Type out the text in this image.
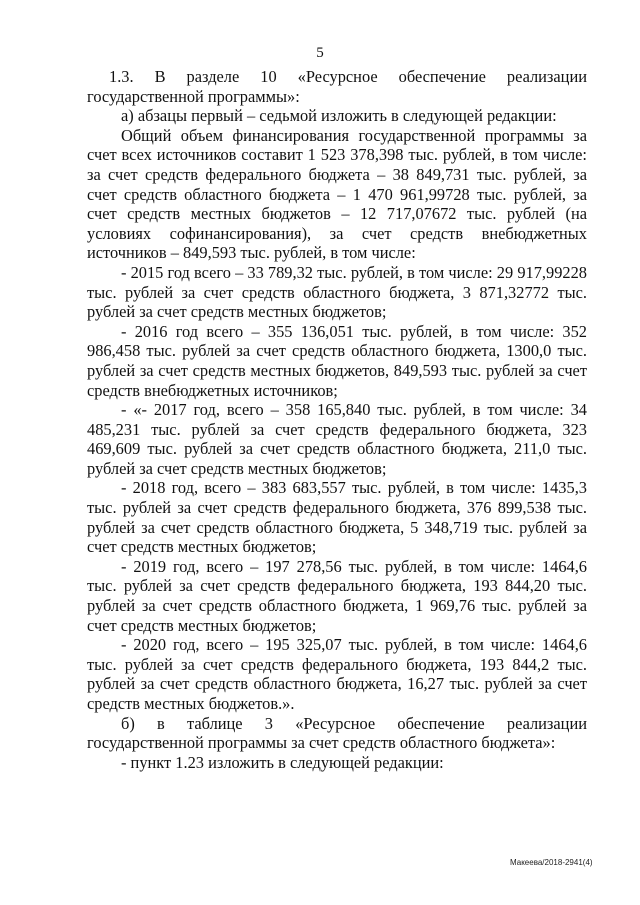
5

1.3. В разделе 10 «Ресурсное обеспечение реализации государственной программы»:

а) абзацы первый – седьмой изложить в следующей редакции:

Общий объем финансирования государственной программы за счет всех источников составит 1 523 378,398 тыс. рублей, в том числе: за счет средств федерального бюджета – 38 849,731 тыс. рублей, за счет средств областного бюджета – 1 470 961,99728 тыс. рублей, за счет средств местных бюджетов – 12 717,07672 тыс. рублей (на условиях софинансирования), за счет средств внебюджетных источников – 849,593 тыс. рублей, в том числе:

- 2015 год всего – 33 789,32 тыс. рублей, в том числе: 29 917,99228 тыс. рублей за счет средств областного бюджета, 3 871,32772 тыс. рублей за счет средств местных бюджетов;

- 2016 год всего – 355 136,051 тыс. рублей, в том числе: 352 986,458 тыс. рублей за счет средств областного бюджета, 1300,0 тыс. рублей за счет средств местных бюджетов, 849,593 тыс. рублей за счет средств внебюджетных источников;

- «- 2017 год, всего – 358 165,840 тыс. рублей, в том числе: 34 485,231 тыс. рублей за счет средств федерального бюджета, 323 469,609 тыс. рублей за счет средств областного бюджета, 211,0 тыс. рублей за счет средств местных бюджетов;

- 2018 год, всего – 383 683,557 тыс. рублей, в том числе: 1435,3 тыс. рублей за счет средств федерального бюджета, 376 899,538 тыс. рублей за счет средств областного бюджета, 5 348,719 тыс. рублей за счет средств местных бюджетов;

- 2019 год, всего – 197 278,56 тыс. рублей, в том числе: 1464,6 тыс. рублей за счет средств федерального бюджета, 193 844,20 тыс. рублей за счет средств областного бюджета, 1 969,76 тыс. рублей за счет средств местных бюджетов;

- 2020 год, всего – 195 325,07 тыс. рублей, в том числе: 1464,6 тыс. рублей за счет средств федерального бюджета, 193 844,2 тыс. рублей за счет средств областного бюджета, 16,27 тыс. рублей за счет средств местных бюджетов.».

б) в таблице 3 «Ресурсное обеспечение реализации государственной программы за счет средств областного бюджета»:

- пункт 1.23 изложить в следующей редакции:

Макеева/2018-2941(4)
